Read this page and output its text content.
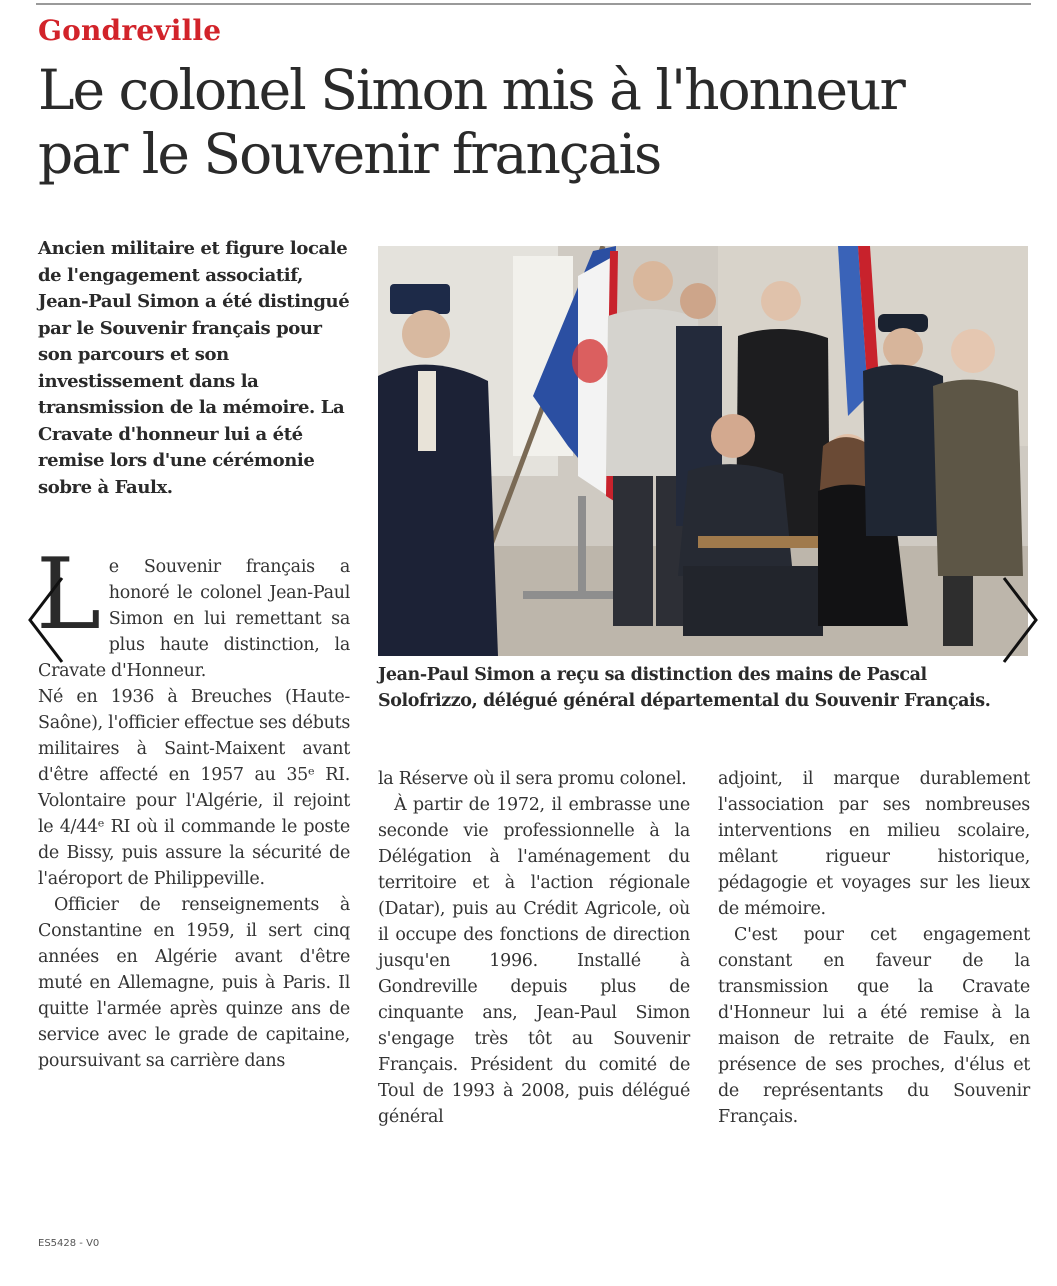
Gondreville
Le colonel Simon mis à l'honneur par le Souvenir français
Ancien militaire et figure locale de l'engagement associatif, Jean-Paul Simon a été distingué par le Souvenir français pour son parcours et son investissement dans la transmission de la mémoire. La Cravate d'honneur lui a été remise lors d'une cérémonie sobre à Faulx.
Jean-Paul Simon a reçu sa distinction des mains de Pascal Solofrizzo, délégué général départemental du Souvenir Français.

Le Souvenir français a honoré le colonel Jean-Paul Simon en lui remettant sa plus haute distinction, la Cravate d'Honneur.

Né en 1936 à Breuches (Haute-Saône), l'officier effectue ses débuts militaires à Saint-Maixent avant d'être affecté en 1957 au 35ᵉ RI. Volontaire pour l'Algérie, il rejoint le 4/44ᵉ RI où il commande le poste de Bissy, puis assure la sécurité de l'aéroport de Philippeville.

Officier de renseignements à Constantine en 1959, il sert cinq années en Algérie avant d'être muté en Allemagne, puis à Paris. Il quitte l'armée après quinze ans de service avec le grade de capitaine, poursuivant sa carrière dans

la Réserve où il sera promu colonel.

À partir de 1972, il embrasse une seconde vie professionnelle à la Délégation à l'aménagement du territoire et à l'action régionale (Datar), puis au Crédit Agricole, où il occupe des fonctions de direction jusqu'en 1996. Installé à Gondreville depuis plus de cinquante ans, Jean-Paul Simon s'engage très tôt au Souvenir Français. Président du comité de Toul de 1993 à 2008, puis délégué général

adjoint, il marque durablement l'association par ses nombreuses interventions en milieu scolaire, mêlant rigueur historique, pédagogie et voyages sur les lieux de mémoire.

C'est pour cet engagement constant en faveur de la transmission que la Cravate d'Honneur lui a été remise à la maison de retraite de Faulx, en présence de ses proches, d'élus et de représentants du Souvenir Français.

ES5428 - V0
